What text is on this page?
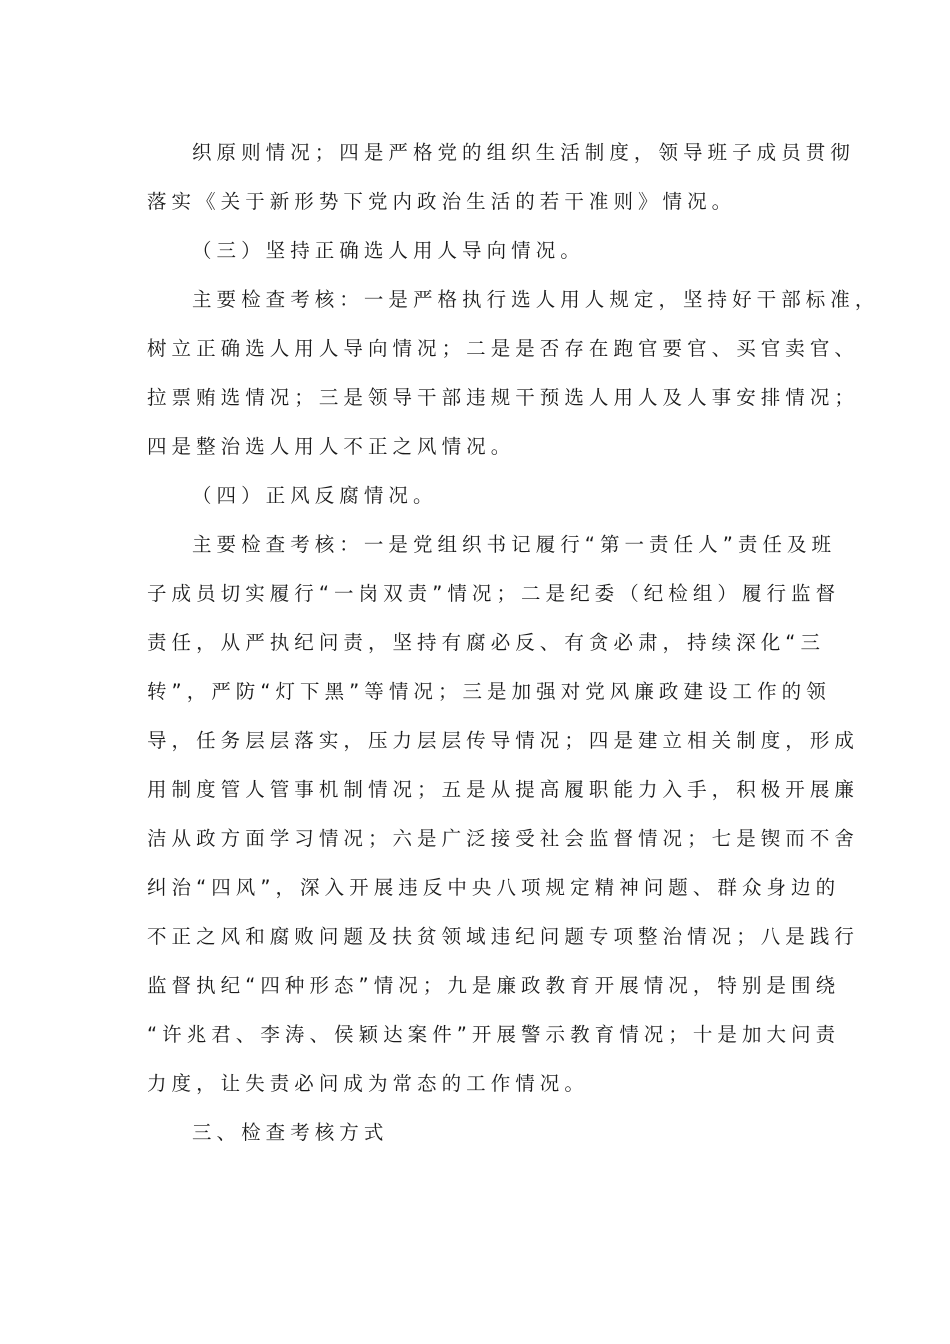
织原则情况；四是严格党的组织生活制度，领导班子成员贯彻
落实《关于新形势下党内政治生活的若干准则》情况。
（三）坚持正确选人用人导向情况。
主要检查考核：一是严格执行选人用人规定，坚持好干部标准，
树立正确选人用人导向情况；二是是否存在跑官要官、买官卖官、
拉票贿选情况；三是领导干部违规干预选人用人及人事安排情况；
四是整治选人用人不正之风情况。
（四）正风反腐情况。
主要检查考核：一是党组织书记履行“第一责任人”责任及班
子成员切实履行“一岗双责”情况；二是纪委（纪检组）履行监督
责任，从严执纪问责，坚持有腐必反、有贪必肃，持续深化“三
转”，严防“灯下黑”等情况；三是加强对党风廉政建设工作的领
导，任务层层落实，压力层层传导情况；四是建立相关制度，形成
用制度管人管事机制情况；五是从提高履职能力入手，积极开展廉
洁从政方面学习情况；六是广泛接受社会监督情况；七是锲而不舍
纠治“四风”，深入开展违反中央八项规定精神问题、群众身边的
不正之风和腐败问题及扶贫领域违纪问题专项整治情况；八是践行
监督执纪“四种形态”情况；九是廉政教育开展情况，特别是围绕
“许兆君、李涛、侯颖达案件”开展警示教育情况；十是加大问责
力度，让失责必问成为常态的工作情况。
三、检查考核方式
